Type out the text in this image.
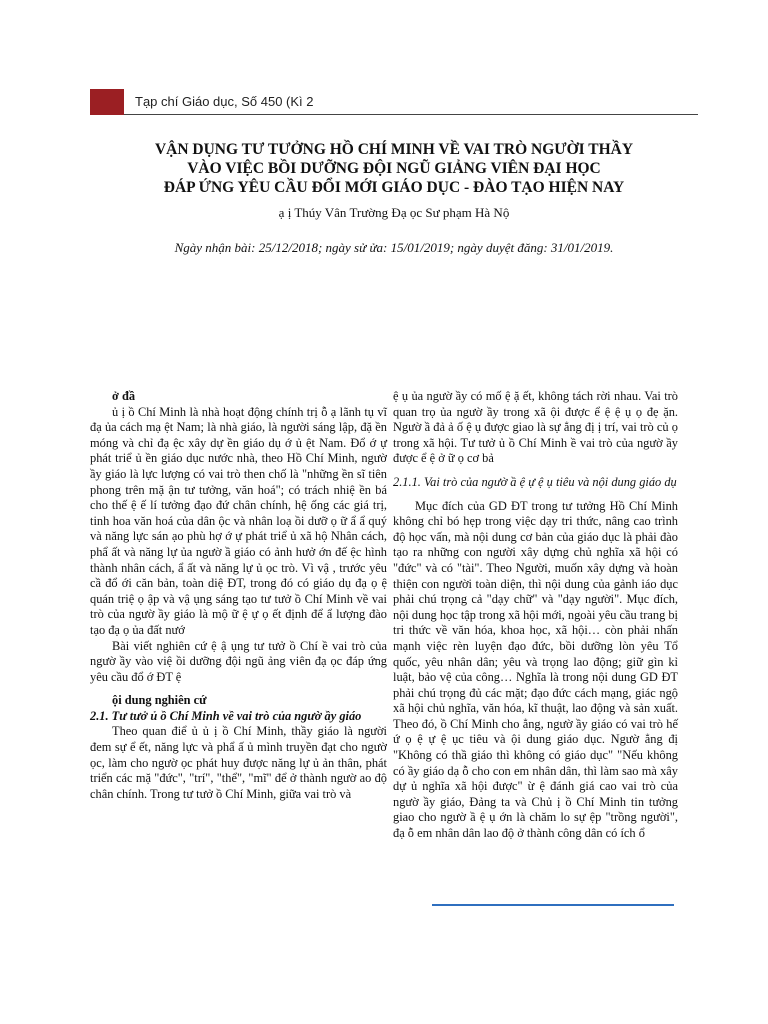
Tạp chí Giáo dục, Số 450 (Kì 2
VẬN DỤNG TƯ TƯỞNG HỒ CHÍ MINH VỀ VAI TRÒ NGƯỜI THẦY
VÀO VIỆC BỒI DƯỠNG ĐỘI NGŨ GIẢNG VIÊN ĐẠI HỌC
ĐÁP ỨNG YÊU CẦU ĐỔI MỚI GIÁO DỤC - ĐÀO TẠO HIỆN NAY
ạ ị Thúy Vân Trường Đạ ọc Sư phạm Hà Nộ
Ngày nhận bài: 25/12/2018; ngày sử ửa: 15/01/2019; ngày duyệt đăng: 31/01/2019.

ở đầ

ủ ị ồ Chí Minh là nhà hoạt động chính trị ỗ ạ lãnh tụ vĩ đạ ủa cách mạ ệt Nam; là nhà giáo, là người sáng lập, đặ ền móng và chỉ đạ ệc xây dự ền giáo dụ ớ ủ ệt Nam. Đổ ớ ự phát triể ủ ền giáo dục nước nhà, theo Hồ Chí Minh, ngườ ầy giáo là lực lượng có vai trò then chố là "những ền sĩ tiên phong trên mặ ận tư tưởng, văn hoá"; có trách nhiệ ền bá cho thế ệ ế lí tưởng đạo đứ chân chính, hệ ống các giá trị, tinh hoa văn hoá của dân ộc và nhân loạ ồi dưỡ ọ ữ ẩ ẩ quý và năng lực sán ạo phù hợ ớ ự phát triể ủ xã hộ Nhân cách, phẩ ất và năng lự ủa ngườ ầ giáo có ảnh hưở ớn đế ệc hình thành nhân cách, ẩ ất và năng lự ủ ọc trò. Vì vậ , trước yêu cầ đổ ới căn bản, toàn diệ ĐT, trong đó có giáo dụ đạ ọ ệ quán triệ ọ ập và vậ ụng sáng tạo tư tưở ồ Chí Minh về vai trò của ngườ ầy giáo là mộ ữ ệ ự ọ ết định để ẩ lượng đào tạo đạ ọ ủa đất nướ

Bài viết nghiên cứ ệ ậ ụng tư tưở ồ Chí ề vai trò của ngườ ầy vào việ ồi dưỡng đội ngũ ảng viên đạ ọc đáp ứng yêu cầu đổ ớ ĐT ệ

ội dung nghiên cứ

2.1. Tư tưở ủ ồ Chí Minh về vai trò của ngườ ầy giáo

Theo quan điể ủ ủ ị ồ Chí Minh, thầy giáo là người đem sự ể ết, năng lực và phẩ ấ ủ mình truyền đạt cho ngườ ọc, làm cho ngườ ọc phát huy được năng lự ủ ản thân, phát triển các mặ "đức", "trí", "thể", "mĩ" để ở thành ngườ ao độ chân chính. Trong tư tưở ồ Chí Minh, giữa vai trò và

ệ ụ ủa ngườ ầy có mố ệ ặ ết, không tách rời nhau. Vai trò quan trọ ủa ngườ ầy trong xã ội được ể ệ ệ ụ ọ đẹ ặn. Ngườ ầ đả ả ố ệ ụ được giao là sự ẳng đị ị trí, vai trò củ ọ trong xã hội. Tư tưở ủ ồ Chí Minh ề vai trò của ngườ ầy được ể ệ ở ữ ọ cơ bả

2.1.1. Vai trò của ngườ ầ ệ ự ệ ụ tiêu và nội dung giáo dụ

Mục đích của GD ĐT trong tư tưởng Hồ Chí Minh không chỉ bó hẹp trong việc dạy tri thức, nâng cao trình độ học vấn, mà nội dung cơ bản của giáo dục là phải đào tạo ra những con người xây dựng chủ nghĩa xã hội có "đức" và có "tài". Theo Người, muốn xây dựng và hoàn thiện con người toàn diện, thì nội dung của gảnh iáo dục phải chú trọng cả "dạy chữ" và "dạy người". Mục đích, nội dung học tập trong xã hội mới, ngoài yêu cầu trang bị tri thức về văn hóa, khoa học, xã hội… còn phải nhấn mạnh việc rèn luyện đạo đức, bồi dưỡng lòn yêu Tổ quốc, yêu nhân dân; yêu và trọng lao động; giữ gìn kỉ luật, bảo vệ của công… Nghĩa là trong nội dung GD ĐT phải chú trọng đủ các mặt; đạo đức cách mạng, giác ngộ xã hội chủ nghĩa, văn hóa, kĩ thuật, lao động và sản xuất. Theo đó, ồ Chí Minh cho ẳng, ngườ ầy giáo có vai trò hế ứ ọ ệ ự ệ ục tiêu và ội dung giáo dục. Ngườ ẳng đị "Không có thầ giáo thì không có giáo dục" "Nếu không có ầy giáo dạ ỗ cho con em nhân dân, thì làm sao mà xây dự ủ nghĩa xã hội được" ừ ệ đánh giá cao vai trò của ngườ ầy giáo, Đảng ta và Chủ ị ồ Chí Minh tin tưởng giao cho ngườ ầ ệ ụ ớn là chăm lo sự ệp "trồng người", đạ ỗ em nhân dân lao độ ở thành công dân có ích ổ
